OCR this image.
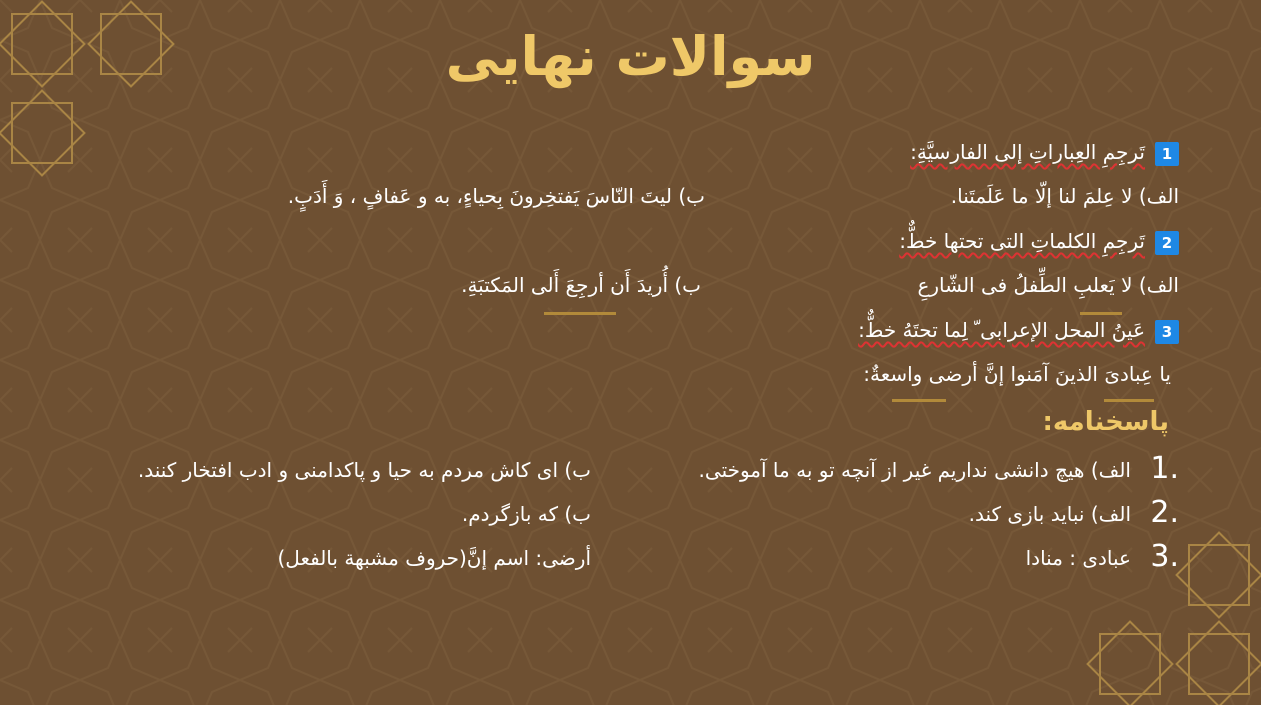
سوالات نهایی
1تَرجِمِ العِباراتِ إلی الفارسیَّةِ:
الف) لا عِلمَ لنا إلّا ما عَلَمتَنا.
ب) لیتَ النّاسَ یَفتخِرونَ بِحیاءٍ، به و عَفافٍ ، وَ أَدَبٍ.
2تَرجِمِ الکلماتِ التی تحتها خطٌّ:
الف) لا یَعلبِ الطِّفلُ فی الشّارعِ
ب) أُریدَ أَن أرجِعَ أَلی المَکتبَةِ.
3عَینُ المحل الإعرابی ّ لِما تحتَهُ خطٌّ:
یا عِبادیَ الذینَ آمَنوا إنَّ أرضی واسعةٌ:
پاسخنامه:
1.
الف) هیچ دانشی نداریم غیر از آنچه تو به ما آموختی.
ب) ای کاش مردم به حیا و پاکدامنی و ادب افتخار کنند.
2.
الف) نباید بازی کند.
ب) که بازگردم.
3.
عبادی : منادا
أرضی: اسم إنَّ(حروف مشبهة بالفعل)
